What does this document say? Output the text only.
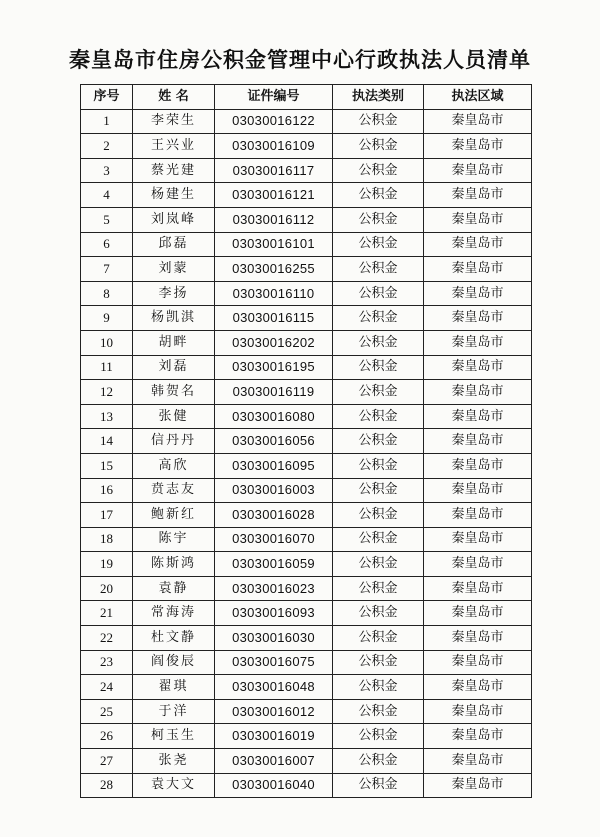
秦皇岛市住房公积金管理中心行政执法人员清单
序号	姓 名	证件编号	执法类别	执法区域
1	李荣生	03030016122	公积金	秦皇岛市
2	王兴业	03030016109	公积金	秦皇岛市
3	蔡光建	03030016117	公积金	秦皇岛市
4	杨建生	03030016121	公积金	秦皇岛市
5	刘岚峰	03030016112	公积金	秦皇岛市
6	邱磊	03030016101	公积金	秦皇岛市
7	刘蒙	03030016255	公积金	秦皇岛市
8	李扬	03030016110	公积金	秦皇岛市
9	杨凯淇	03030016115	公积金	秦皇岛市
10	胡畔	03030016202	公积金	秦皇岛市
11	刘磊	03030016195	公积金	秦皇岛市
12	韩贺名	03030016119	公积金	秦皇岛市
13	张健	03030016080	公积金	秦皇岛市
14	信丹丹	03030016056	公积金	秦皇岛市
15	高欣	03030016095	公积金	秦皇岛市
16	贲志友	03030016003	公积金	秦皇岛市
17	鲍新红	03030016028	公积金	秦皇岛市
18	陈宇	03030016070	公积金	秦皇岛市
19	陈斯鸿	03030016059	公积金	秦皇岛市
20	袁静	03030016023	公积金	秦皇岛市
21	常海涛	03030016093	公积金	秦皇岛市
22	杜文静	03030016030	公积金	秦皇岛市
23	阎俊辰	03030016075	公积金	秦皇岛市
24	翟琪	03030016048	公积金	秦皇岛市
25	于洋	03030016012	公积金	秦皇岛市
26	柯玉生	03030016019	公积金	秦皇岛市
27	张尧	03030016007	公积金	秦皇岛市
28	袁大文	03030016040	公积金	秦皇岛市
